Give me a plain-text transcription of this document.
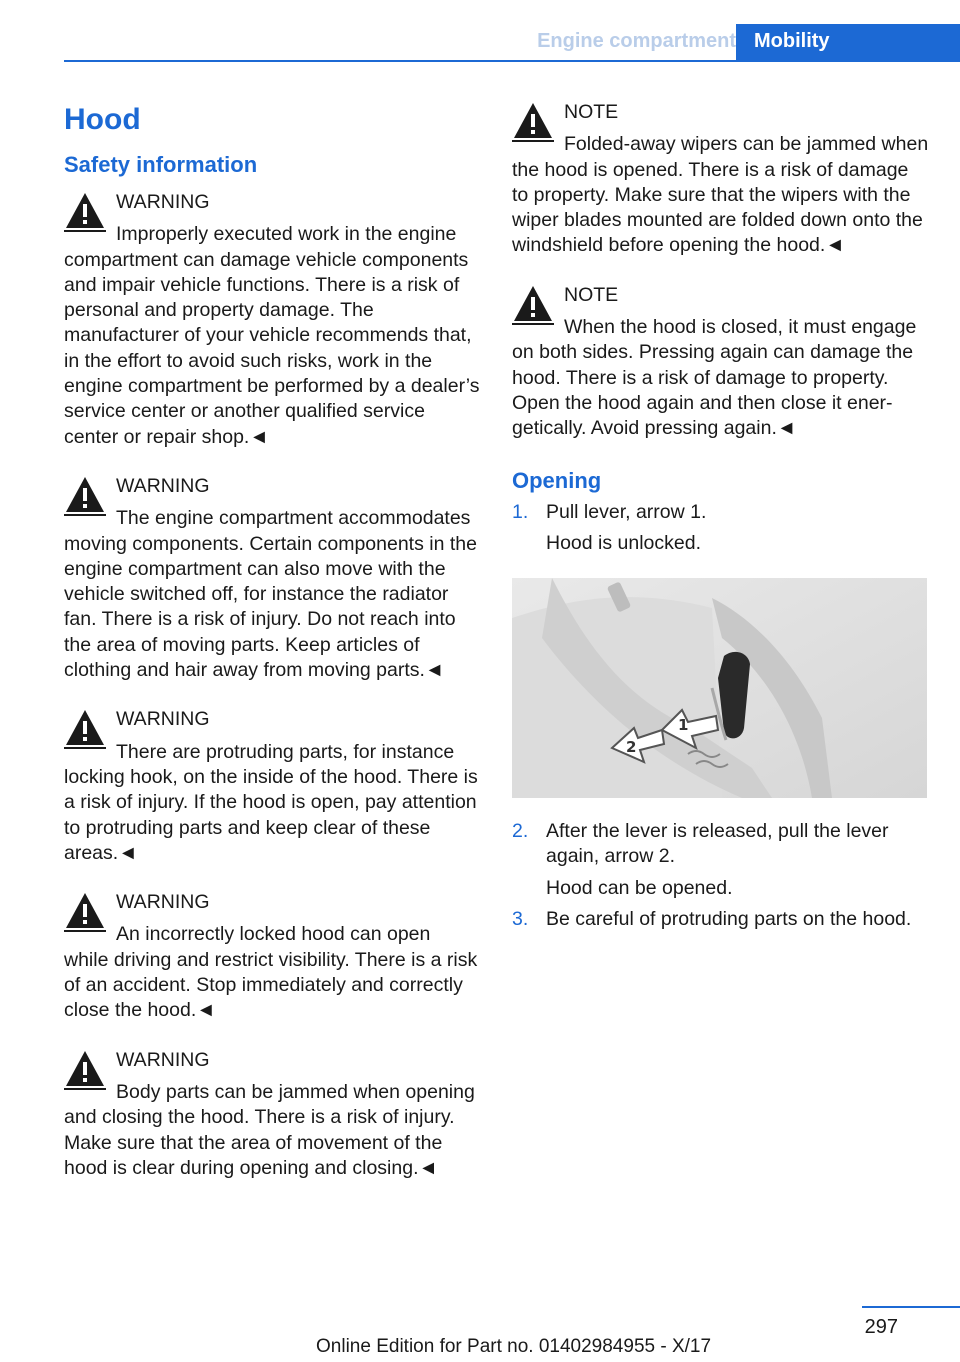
Engine compartment Mobility
Hood
Safety information
WARNING
Improperly executed work in the engine compartment can damage vehicle components and impair vehicle functions. There is a risk of personal and property damage. The manufacturer of your vehicle recommends that, in the effort to avoid such risks, work in the engine compartment be performed by a dealer’s service center or another qualified service center or repair shop.◄
WARNING
The engine compartment accommodates moving components. Certain components in the engine compartment can also move with the vehicle switched off, for instance the radiator fan. There is a risk of injury. Do not reach into the area of moving parts. Keep articles of clothing and hair away from moving parts.◄
WARNING
There are protruding parts, for instance locking hook, on the inside of the hood. There is a risk of injury. If the hood is open, pay attention to protruding parts and keep clear of these areas.◄
WARNING
An incorrectly locked hood can open while driving and restrict visibility. There is a risk of an accident. Stop immediately and correctly close the hood.◄
WARNING
Body parts can be jammed when opening and closing the hood. There is a risk of injury. Make sure that the area of movement of the hood is clear during opening and closing.◄
NOTE
Folded-away wipers can be jammed when the hood is opened. There is a risk of damage to property. Make sure that the wipers with the wiper blades mounted are folded down onto the windshield before opening the hood.◄
NOTE
When the hood is closed, it must engage on both sides. Pressing again can damage the hood. There is a risk of damage to property. Open the hood again and then close it energetically. Avoid pressing again.◄
Opening
1. Pull lever, arrow 1.
Hood is unlocked.
2
1
2. After the lever is released, pull the lever again, arrow 2.
Hood can be opened.
3. Be careful of protruding parts on the hood.
297
Online Edition for Part no. 01402984955 - X/17
